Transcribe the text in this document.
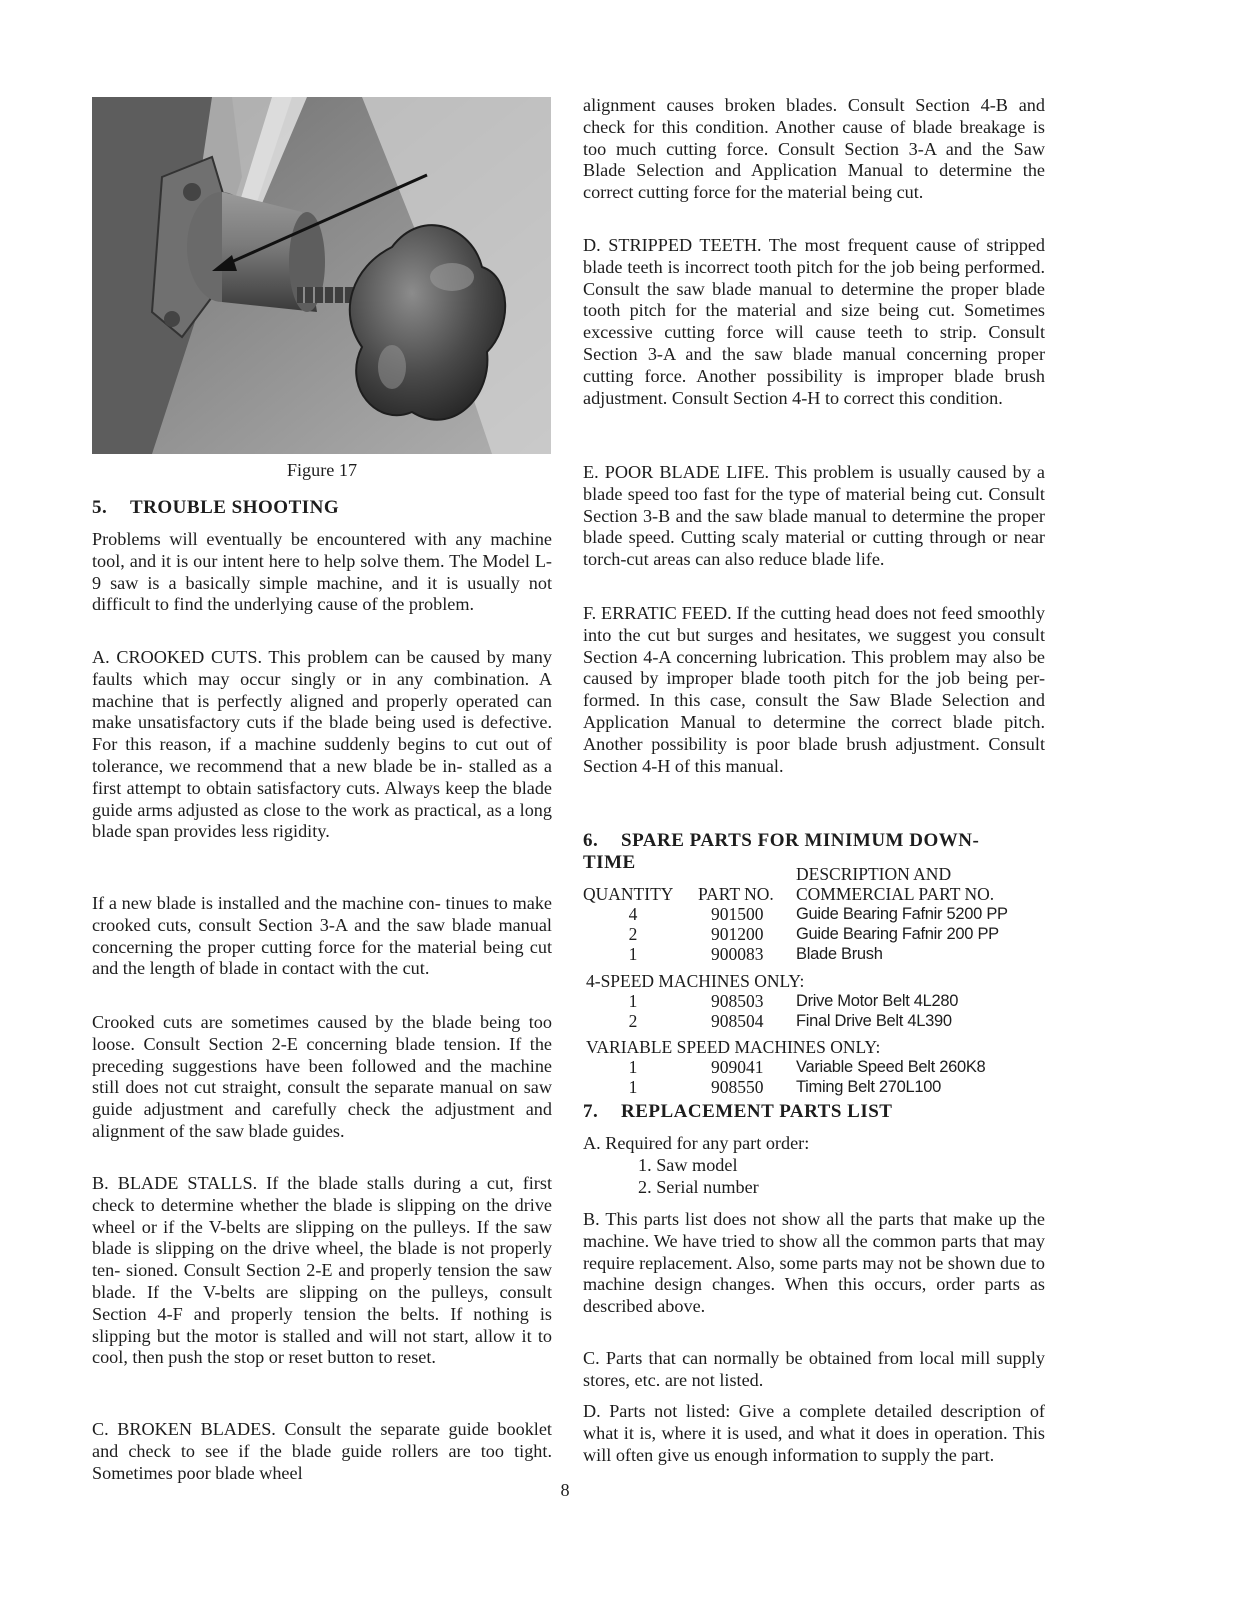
Figure 17
5. TROUBLE SHOOTING

Problems will eventually be encountered with any machine tool, and it is our intent here to help solve them. The Model L-9 saw is a basically simple machine, and it is usually not difficult to find the underlying cause of the problem.

A. CROOKED CUTS. This problem can be caused by many faults which may occur singly or in any combination. A machine that is perfectly aligned and properly operated can make unsatisfactory cuts if the blade being used is defective. For this reason, if a machine suddenly begins to cut out of tolerance, we recommend that a new blade be in- stalled as a first attempt to obtain satisfactory cuts. Always keep the blade guide arms adjusted as close to the work as practical, as a long blade span provides less rigidity.

If a new blade is installed and the machine con- tinues to make crooked cuts, consult Section 3-A and the saw blade manual concerning the proper cutting force for the material being cut and the length of blade in contact with the cut.

Crooked cuts are sometimes caused by the blade being too loose. Consult Section 2-E concerning blade tension. If the preceding suggestions have been followed and the machine still does not cut straight, consult the separate manual on saw guide adjustment and carefully check the adjustment and alignment of the saw blade guides.

B. BLADE STALLS. If the blade stalls during a cut, first check to determine whether the blade is slipping on the drive wheel or if the V-belts are slipping on the pulleys. If the saw blade is slipping on the drive wheel, the blade is not properly ten- sioned. Consult Section 2-E and properly tension the saw blade. If the V-belts are slipping on the pulleys, consult Section 4-F and properly tension the belts. If nothing is slipping but the motor is stalled and will not start, allow it to cool, then push the stop or reset button to reset.

C. BROKEN BLADES. Consult the separate guide booklet and check to see if the blade guide rollers are too tight. Sometimes poor blade wheel

alignment causes broken blades. Consult Section 4-B and check for this condition. Another cause of blade breakage is too much cutting force. Consult Section 3-A and the Saw Blade Selection and Application Manual to determine the correct cutting force for the material being cut.

D. STRIPPED TEETH. The most frequent cause of stripped blade teeth is incorrect tooth pitch for the job being performed. Consult the saw blade manual to determine the proper blade tooth pitch for the material and size being cut. Sometimes excessive cutting force will cause teeth to strip. Consult Section 3-A and the saw blade manual concerning proper cutting force. Another possibility is improper blade brush adjustment. Consult Section 4-H to correct this condition.

E. POOR BLADE LIFE. This problem is usually caused by a blade speed too fast for the type of material being cut. Consult Section 3-B and the saw blade manual to determine the proper blade speed. Cutting scaly material or cutting through or near torch-cut areas can also reduce blade life.

F. ERRATIC FEED. If the cutting head does not feed smoothly into the cut but surges and hesitates, we suggest you consult Section 4-A concerning lubrication. This problem may also be caused by improper blade tooth pitch for the job being per- formed. In this case, consult the Saw Blade Selection and Application Manual to determine the correct blade pitch. Another possibility is poor blade brush adjustment. Consult Section 4-H of this manual.

6. SPARE PARTS FOR MINIMUM DOWN-
TIME
DESCRIPTION AND
QUANTITY PART NO. COMMERCIAL PART NO.
4	901500 Guide Bearing Fafnir 5200 PP
2	901200 Guide Bearing Fafnir 200 PP
1	900083 Blade Brush
4-SPEED MACHINES ONLY:
1	908503 Drive Motor Belt 4L280
2	908504 Final Drive Belt 4L390
VARIABLE SPEED MACHINES ONLY:
1	909041 Variable Speed Belt 260K8
1	908550 Timing Belt 270L100
7. REPLACEMENT PARTS LIST

A. Required for any part order:

1. Saw model
2. Serial number

B. This parts list does not show all the parts that make up the machine. We have tried to show all the common parts that may require replacement. Also, some parts may not be shown due to machine design changes. When this occurs, order parts as described above.

C. Parts that can normally be obtained from local mill supply stores, etc. are not listed.

D. Parts not listed: Give a complete detailed description of what it is, where it is used, and what it does in operation. This will often give us enough information to supply the part.

8
